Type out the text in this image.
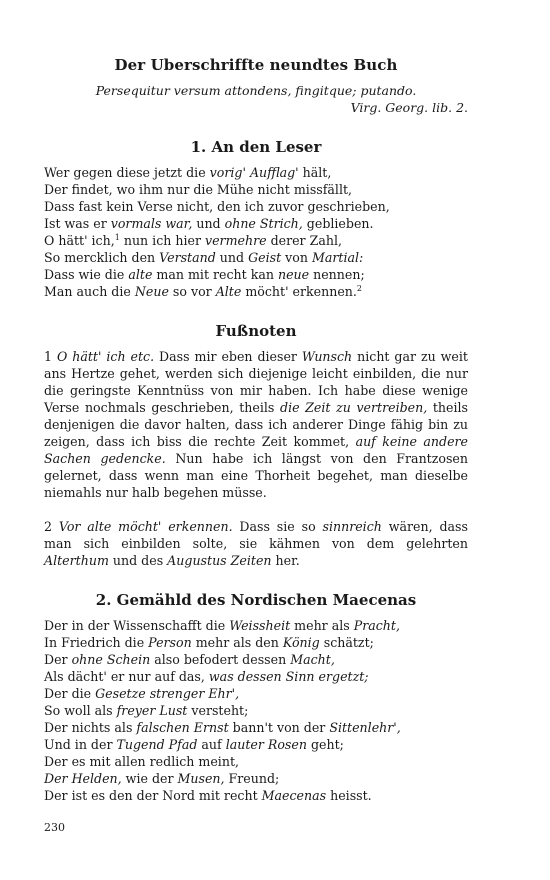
Der Uberschriffte neundtes Buch
Persequitur versum attondens, fingitque; putando.
Virg. Georg. lib. 2.
1. An den Leser
Wer gegen diese jetzt die vorig' Aufflag' hält,
Der findet, wo ihm nur die Mühe nicht missfällt,
Dass fast kein Verse nicht, den ich zuvor geschrieben,
Ist was er vormals war, und ohne Strich, geblieben.
O hätt' ich,$^1$ nun ich hier vermehre derer Zahl,
So mercklich den Verstand und Geist von Martial:
Dass wie die alte man mit recht kan neue nennen;
Man auch die Neue so vor Alte möcht' erkennen.$^2$
Fußnoten
1 O hätt' ich etc. Dass mir eben dieser Wunsch nicht gar zu weit ans Hertze gehet, werden sich diejenige leicht einbilden, die nur die geringste Kenntnüss von mir haben. Ich habe diese wenige Verse nochmals geschrieben, theils die Zeit zu vertreiben, theils denjenigen die davor halten, dass ich anderer Dinge fähig bin zu zeigen, dass ich biss die rechte Zeit kommet, auf keine andere Sachen gedencke. Nun habe ich längst von den Frantzosen gelernet, dass wenn man eine Thorheit begehet, man dieselbe niemahls nur halb begehen müsse.
2 Vor alte möcht' erkennen. Dass sie so sinnreich wären, dass man sich einbilden solte, sie kähmen von dem gelehrten Alterthum und des Augustus Zeiten her.
2. Gemähld des Nordischen Maecenas
Der in der Wissenschafft die Weissheit mehr als Pracht,
In Friedrich die Person mehr als den König schätzt;
Der ohne Schein also befodert dessen Macht,
Als dächt' er nur auf das, was dessen Sinn ergetzt;
Der die Gesetze strenger Ehr',
So woll als freyer Lust versteht;
Der nichts als falschen Ernst bann't von der Sittenlehr',
Und in der Tugend Pfad auf lauter Rosen geht;
Der es mit allen redlich meint,
Der Helden, wie der Musen, Freund;
Der ist es den der Nord mit recht Maecenas heisst.
230
